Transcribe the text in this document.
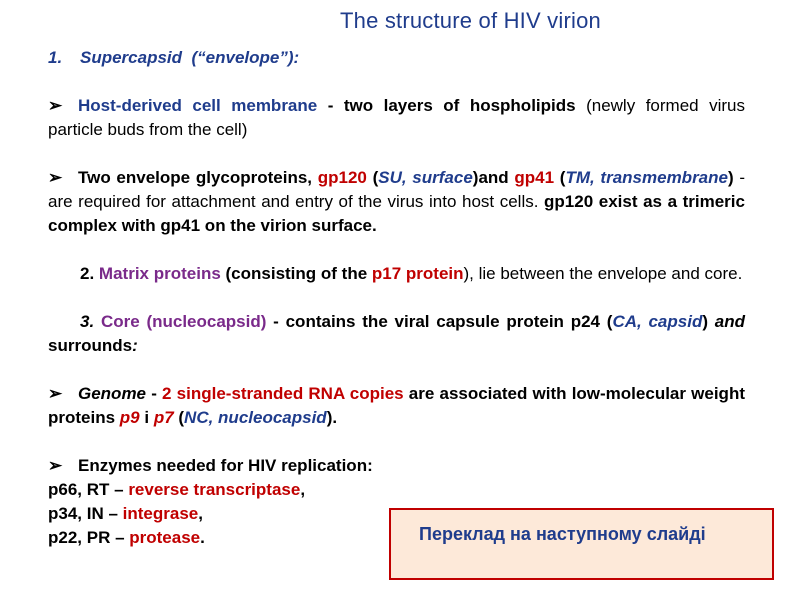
The structure of HIV virion
1. Supercapsid (“envelope”):
➢ Host-derived cell membrane - two layers of hospholipids (newly formed virus particle buds from the cell)
➢ Two envelope glycoproteins, gp120 (SU, surface)and gp41 (TM, transmembrane) - are required for attachment and entry of the virus into host cells. gp120 exist as a trimeric complex with gp41 on the virion surface.
2. Matrix proteins (consisting of the p17 protein), lie between the envelope and core.
3. Core (nucleocapsid) - contains the viral capsule protein p24 (CA, capsid) and surrounds:
➢ Genome - 2 single-stranded RNA copies are associated with low-molecular weight proteins p9 і p7 (NC, nucleocapsid).
➢ Enzymes needed for HIV replication:
p66, RT – reverse transcriptase,
p34, IN – integrase,
p22, PR – protease.	Переклад на наступному слайді
